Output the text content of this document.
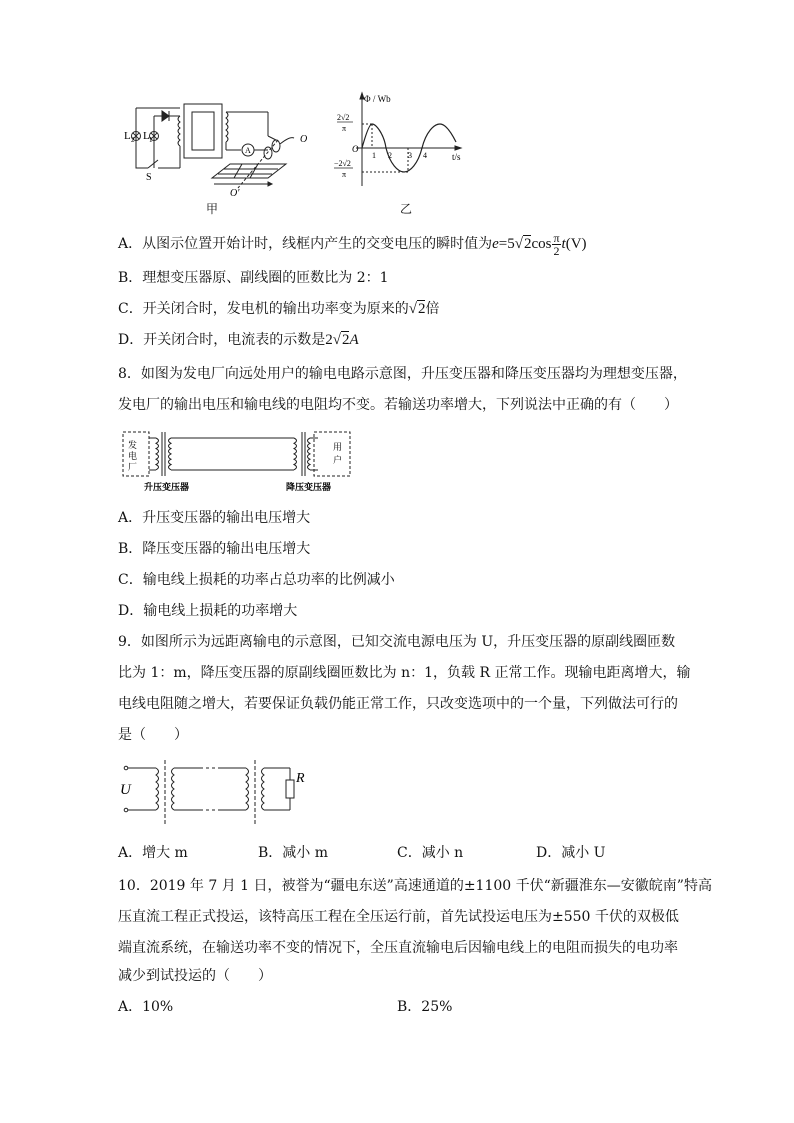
L 2 L 1
S
A
O
O′
甲
Φ / Wb
t/s
2√2
π
−2√2
π
O
1 2 3 4
乙
A．从图示位置开始计时，线框内产生的交变电压的瞬时值为$e=5√2\cos \frac{\pi}{2} t(V)$
B．理想变压器原、副线圈的匝数比为 2：1
C．开关闭合时，发电机的输出功率变为原来的√2倍
D．开关闭合时，电流表的示数是2√2A
8．如图为发电厂向远处用户的输电电路示意图，升压变压器和降压变压器均为理想变压器，
发电厂的输出电压和输电线的电阻均不变。若输送功率增大，下列说法中正确的有（　　）
发
电
厂
用
户
升压变压器	降压变压器
A．升压变压器的输出电压增大
B．降压变压器的输出电压增大
C．输电线上损耗的功率占总功率的比例减小
D．输电线上损耗的功率增大
9．如图所示为远距离输电的示意图，已知交流电源电压为 U，升压变压器的原副线圈匝数
比为 1：m，降压变压器的原副线圈匝数比为 n：1，负载 R 正常工作。现输电距离增大，输
电线电阻随之增大，若要保证负载仍能正常工作，只改变选项中的一个量，下列做法可行的
是（　　）
U
R
A．增大 m	B．减小 m	C．减小 n	D．减小 U
10．2019 年 7 月 1 日，被誉为“疆电东送”高速通道的±1100 千伏“新疆淮东—安徽皖南”特高
压直流工程正式投运，该特高压工程在全压运行前，首先试投运电压为±550 千伏的双极低
端直流系统，在输送功率不变的情况下，全压直流输电后因输电线上的电阻而损失的电功率
减少到试投运的（　　）
A．10%	B．25%
